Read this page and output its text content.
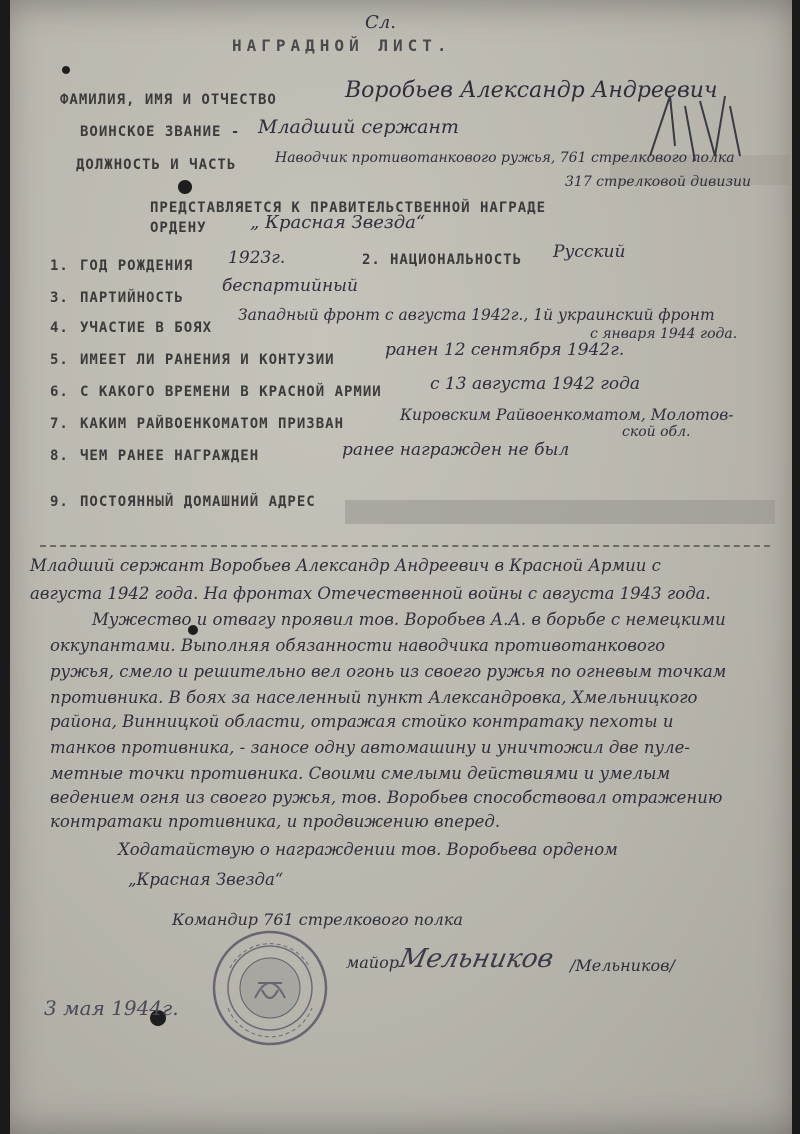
Сл.
НАГРАДНОЙ ЛИСТ.
ФАМИЛИЯ, ИМЯ И ОТЧЕСТВО	Воробьев Александр Андреевич
ВОИНСКОЕ ЗВАНИЕ - Младший сержант
ДОЛЖНОСТЬ И ЧАСТЬ	Наводчик противотанкового ружья, 761 стрелкового полка
317 стрелковой дивизии
ПРЕДСТАВЛЯЕТСЯ К ПРАВИТЕЛЬСТВЕННОЙ НАГРАДЕ
ОРДЕНУ „ Красная Звезда“
1. ГОД РОЖДЕНИЯ 1923г.	2. НАЦИОНАЛЬНОСТЬ Русский
3. ПАРТИЙНОСТЬ
беспартийный
4. УЧАСТИЕ В БОЯХ
Западный фронт с августа 1942г., 1й украинский фронт
с января 1944 года.
5. ИМЕЕТ ЛИ РАНЕНИЯ И КОНТУЗИИ	ранен 12 сентября 1942г.
6. С КАКОГО ВРЕМЕНИ В КРАСНОЙ АРМИИ	с 13 августа 1942 года
7. КАКИМ РАЙВОЕНКОМАТОМ ПРИЗВАН	Кировским Райвоенкоматом, Молотов-
ской обл.
8. ЧЕМ РАНЕЕ НАГРАЖДЕН	ранее награжден не был
9. ПОСТОЯННЫЙ ДОМАШНИЙ АДРЕС
Младший сержант Воробьев Александр Андреевич в Красной Армии с
августа 1942 года. На фронтах Отечественной войны с августа 1943 года.
Мужество и отвагу проявил тов. Воробьев А.А. в борьбе с немецкими
оккупантами. Выполняя обязанности наводчика противотанкового
ружья, смело и решительно вел огонь из своего ружья по огневым точкам
противника. В боях за населенный пункт Александровка, Хмельницкого
района, Винницкой области, отражая стойко контратаку пехоты и
танков противника, - заносе одну автомашину и уничтожил две пуле-
метные точки противника. Своими смелыми действиями и умелым
ведением огня из своего ружья, тов. Воробьев способствовал отражению
контратаки противника, и продвижению вперед.
Ходатайствую о награждении тов. Воробьева орденом
„Красная Звезда“
Командир 761 стрелкового полка
майор
Мельников /Мельников/
3 мая 1944г.
